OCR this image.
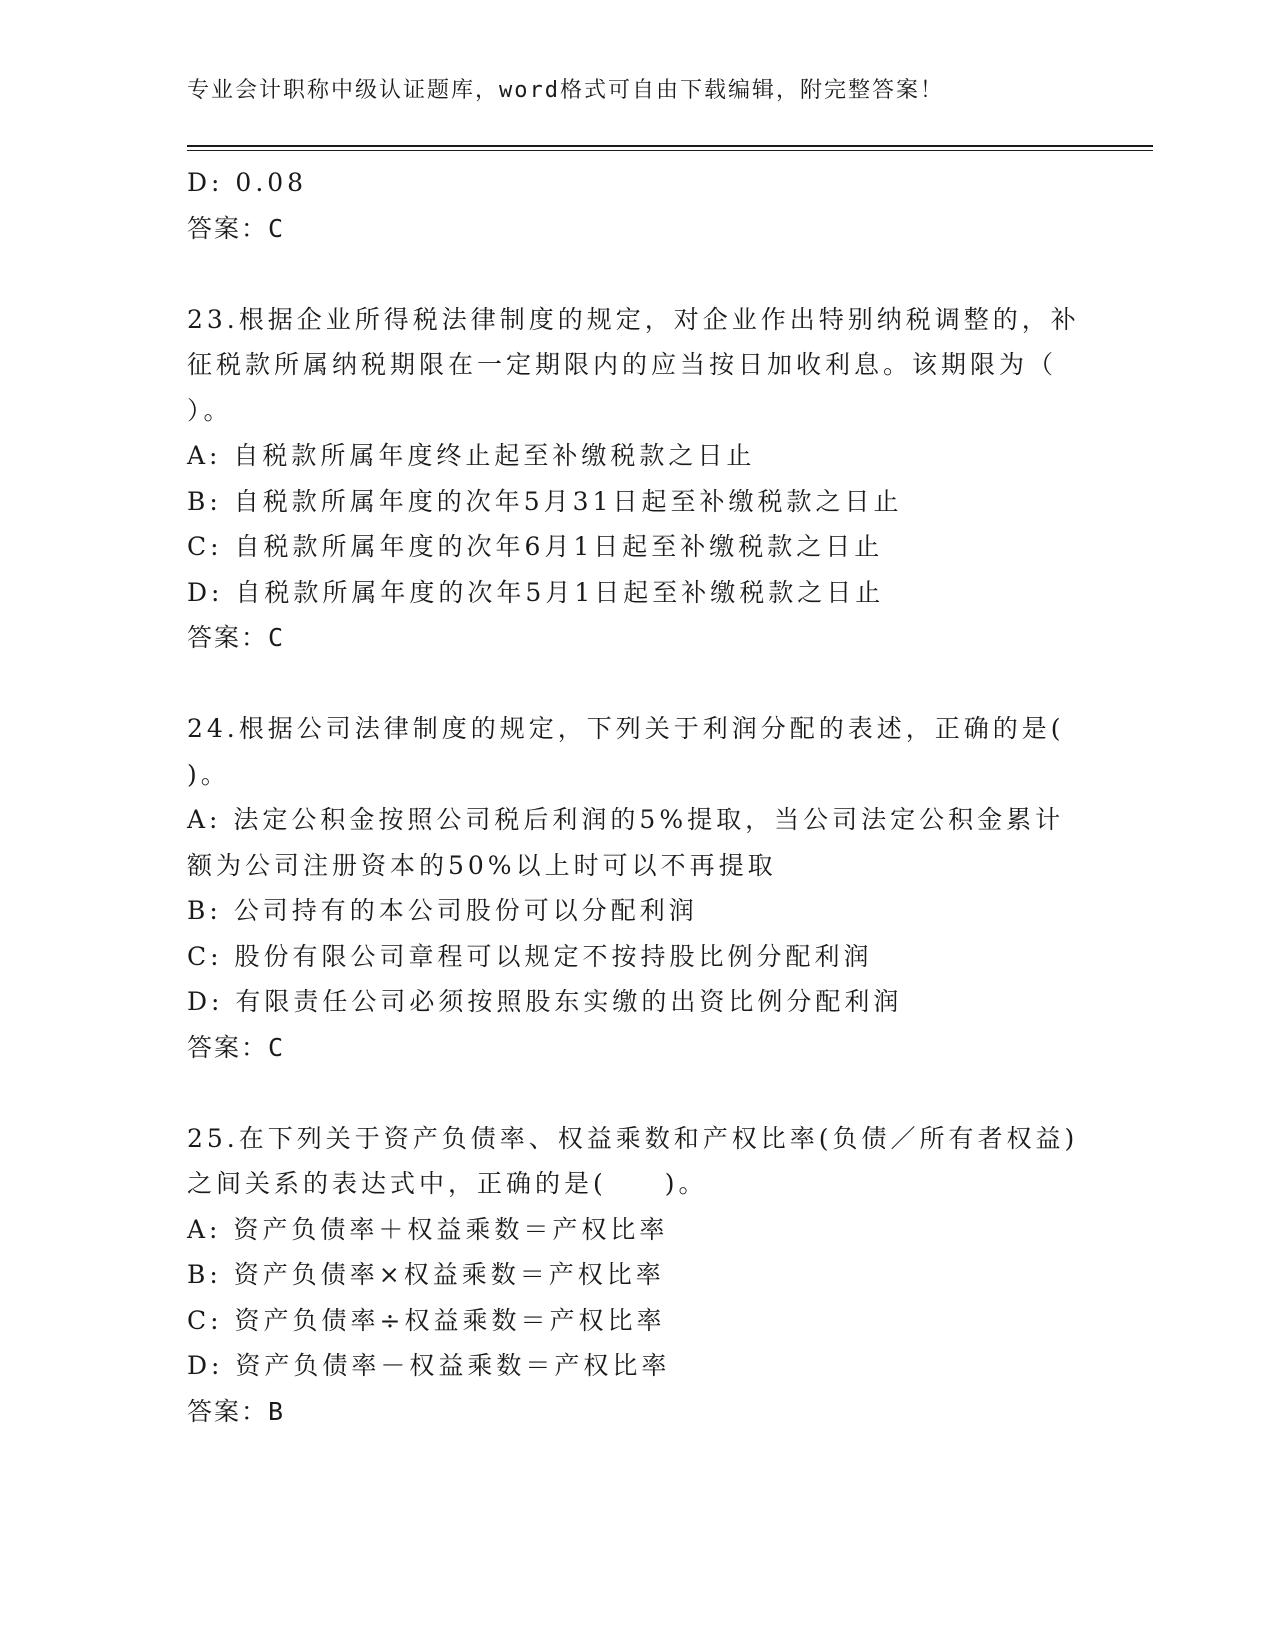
专业会计职称中级认证题库，word格式可自由下载编辑，附完整答案！
D: 0.08
答案：C
23.根据企业所得税法律制度的规定，对企业作出特别纳税调整的，补
征税款所属纳税期限在一定期限内的应当按日加收利息。该期限为（
）。
A: 自税款所属年度终止起至补缴税款之日止
B: 自税款所属年度的次年5月31日起至补缴税款之日止
C: 自税款所属年度的次年6月1日起至补缴税款之日止
D: 自税款所属年度的次年5月1日起至补缴税款之日止
答案：C
24.根据公司法律制度的规定，下列关于利润分配的表述，正确的是(
)。
A: 法定公积金按照公司税后利润的5%提取，当公司法定公积金累计
额为公司注册资本的50%以上时可以不再提取
B: 公司持有的本公司股份可以分配利润
C: 股份有限公司章程可以规定不按持股比例分配利润
D: 有限责任公司必须按照股东实缴的出资比例分配利润
答案：C
25.在下列关于资产负债率、权益乘数和产权比率(负债／所有者权益)
之间关系的表达式中，正确的是(　　)。
A: 资产负债率＋权益乘数＝产权比率
B: 资产负债率×权益乘数＝产权比率
C: 资产负债率÷权益乘数＝产权比率
D: 资产负债率－权益乘数＝产权比率
答案：B
